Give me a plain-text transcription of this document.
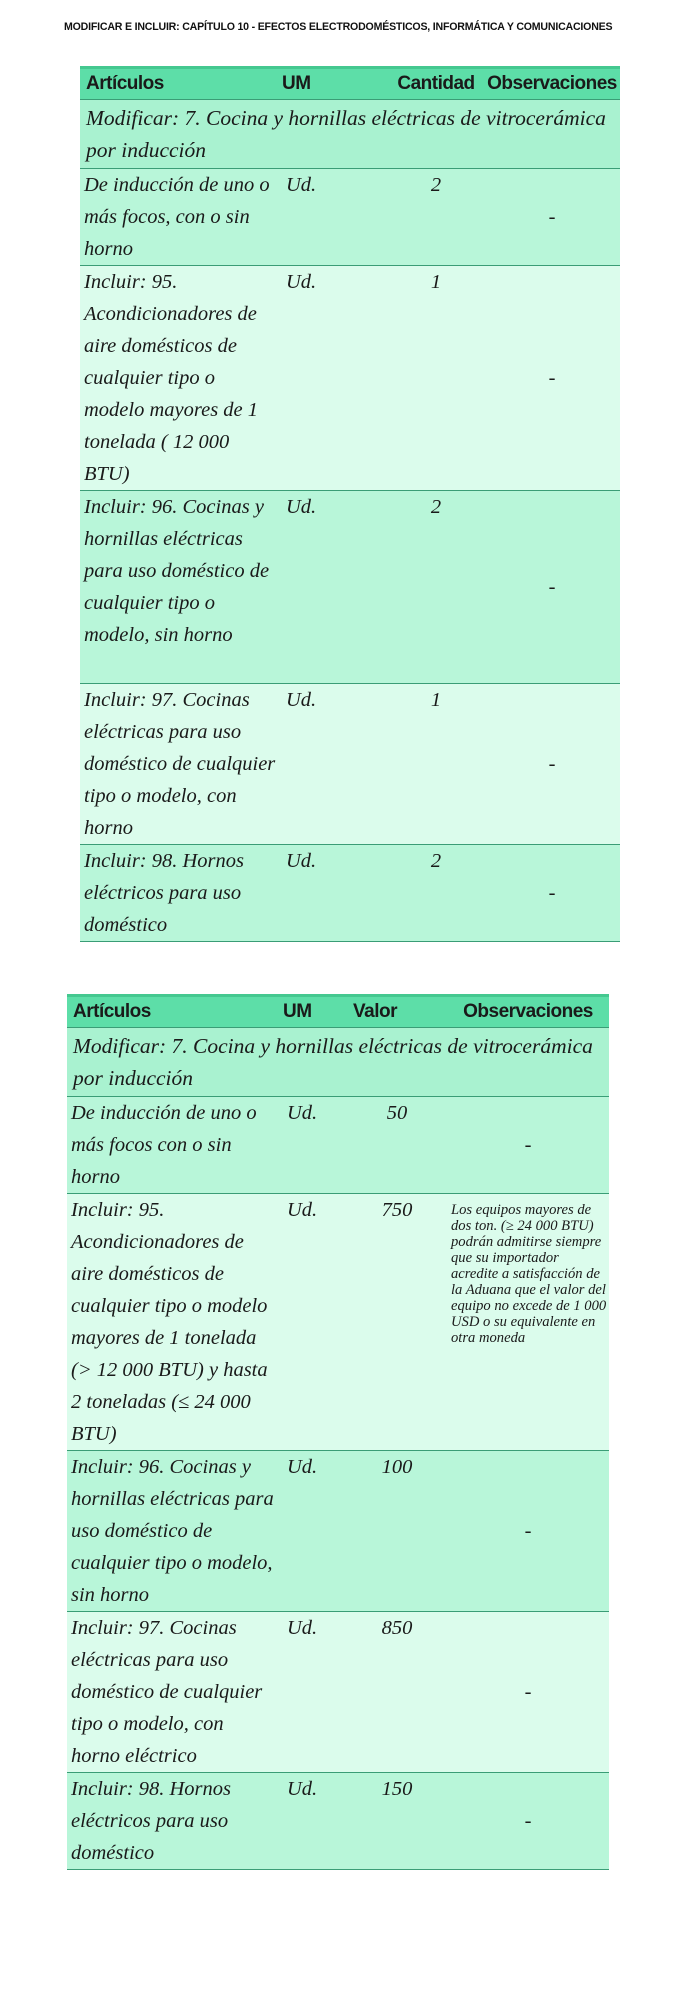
MODIFICAR E INCLUIR: CAPÍTULO 10 - EFECTOS ELECTRODOMÉSTICOS, INFORMÁTICA Y COMUNICACIONES
Artículos	UM	Cantidad	Observaciones
Modificar: 7. Cocina y hornillas eléctricas de vitrocerámica por inducción			
De inducción de uno o más focos, con o sin horno	Ud.	2	-
Incluir: 95. Acondicionadores de aire domésticos de cualquier tipo o modelo mayores de 1 tonelada ( 12 000 BTU)	Ud.	1	-
Incluir: 96. Cocinas y hornillas eléctricas para uso doméstico de cualquier tipo o modelo, sin horno	Ud.	2	-
Incluir: 97. Cocinas eléctricas para uso doméstico de cualquier tipo o modelo, con horno	Ud.	1	-
Incluir: 98. Hornos eléctricos para uso doméstico	Ud.	2	-
Artículos	UM	Valor	Observaciones
Modificar: 7. Cocina y hornillas eléctricas de vitrocerámica por inducción			
De inducción de uno o más focos con o sin horno	Ud.	50	-
Incluir: 95. Acondicionadores de aire domésticos de cualquier tipo o modelo mayores de 1 tonelada (> 12 000 BTU) y hasta 2 toneladas (≤ 24 000 BTU)	Ud.	750	Los equipos mayores de dos ton. (≥ 24 000 BTU) podrán admitirse siempre que su importador acredite a satisfacción de la Aduana que el valor del equipo no excede de 1 000 USD o su equivalente en otra moneda
Incluir: 96. Cocinas y hornillas eléctricas para uso doméstico de cualquier tipo o modelo, sin horno	Ud.	100	-
Incluir: 97. Cocinas eléctricas para uso doméstico de cualquier tipo o modelo, con horno eléctrico	Ud.	850	-
Incluir: 98. Hornos eléctricos para uso doméstico	Ud.	150	-
